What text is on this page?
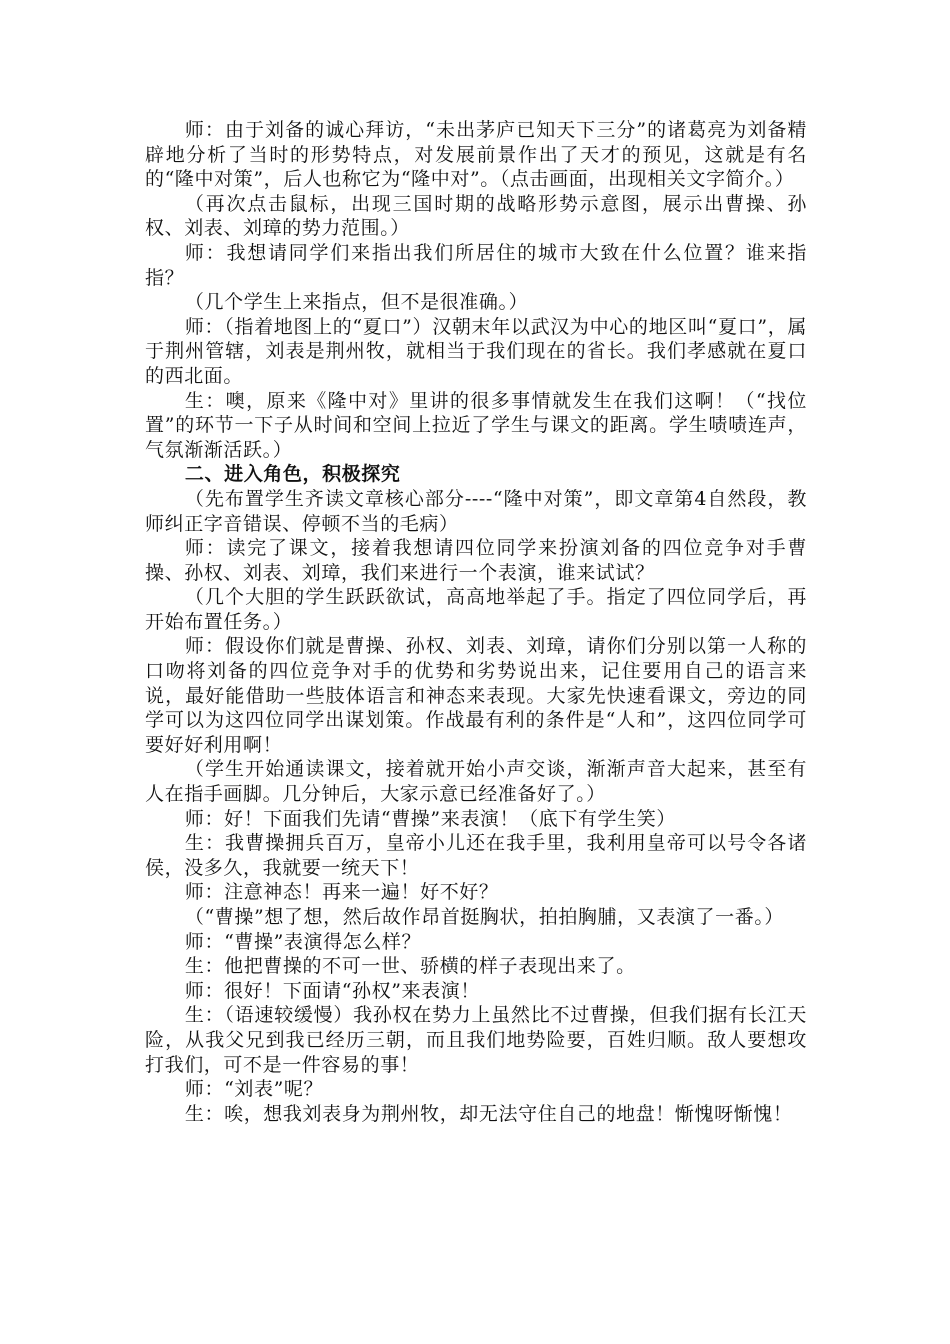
师：由于刘备的诚心拜访，“未出茅庐已知天下三分”的诸葛亮为刘备精辟地分析了当时的形势特点，对发展前景作出了天才的预见，这就是有名的“隆中对策”，后人也称它为“隆中对”。（点击画面，出现相关文字简介。）

（再次点击鼠标，出现三国时期的战略形势示意图，展示出曹操、孙权、刘表、刘璋的势力范围。）

师：我想请同学们来指出我们所居住的城市大致在什么位置？谁来指指？

（几个学生上来指点，但不是很准确。）

师：（指着地图上的“夏口”）汉朝末年以武汉为中心的地区叫“夏口”，属于荆州管辖，刘表是荆州牧，就相当于我们现在的省长。我们孝感就在夏口的西北面。

生：噢，原来《隆中对》里讲的很多事情就发生在我们这啊！（“找位置”的环节一下子从时间和空间上拉近了学生与课文的距离。学生啧啧连声，气氛渐渐活跃。）

二、进入角色，积极探究

（先布置学生齐读文章核心部分----“隆中对策”，即文章第4自然段，教师纠正字音错误、停顿不当的毛病）

师：读完了课文，接着我想请四位同学来扮演刘备的四位竞争对手曹操、孙权、刘表、刘璋，我们来进行一个表演，谁来试试？

（几个大胆的学生跃跃欲试，高高地举起了手。指定了四位同学后，再开始布置任务。）

师：假设你们就是曹操、孙权、刘表、刘璋，请你们分别以第一人称的口吻将刘备的四位竞争对手的优势和劣势说出来，记住要用自己的语言来说，最好能借助一些肢体语言和神态来表现。大家先快速看课文，旁边的同学可以为这四位同学出谋划策。作战最有利的条件是“人和”，这四位同学可要好好利用啊！

（学生开始通读课文，接着就开始小声交谈，渐渐声音大起来，甚至有人在指手画脚。几分钟后，大家示意已经准备好了。）

师：好！下面我们先请“曹操”来表演！（底下有学生笑）

生：我曹操拥兵百万，皇帝小儿还在我手里，我利用皇帝可以号令各诸侯，没多久，我就要一统天下！

师：注意神态！再来一遍！好不好？

（“曹操”想了想，然后故作昂首挺胸状，拍拍胸脯，又表演了一番。）

师：“曹操”表演得怎么样？

生：他把曹操的不可一世、骄横的样子表现出来了。

师：很好！下面请“孙权”来表演！

生：（语速较缓慢）我孙权在势力上虽然比不过曹操，但我们据有长江天险，从我父兄到我已经历三朝，而且我们地势险要，百姓归顺。敌人要想攻打我们，可不是一件容易的事！

师：“刘表”呢？

生：唉，想我刘表身为荆州牧，却无法守住自己的地盘！惭愧呀惭愧！
